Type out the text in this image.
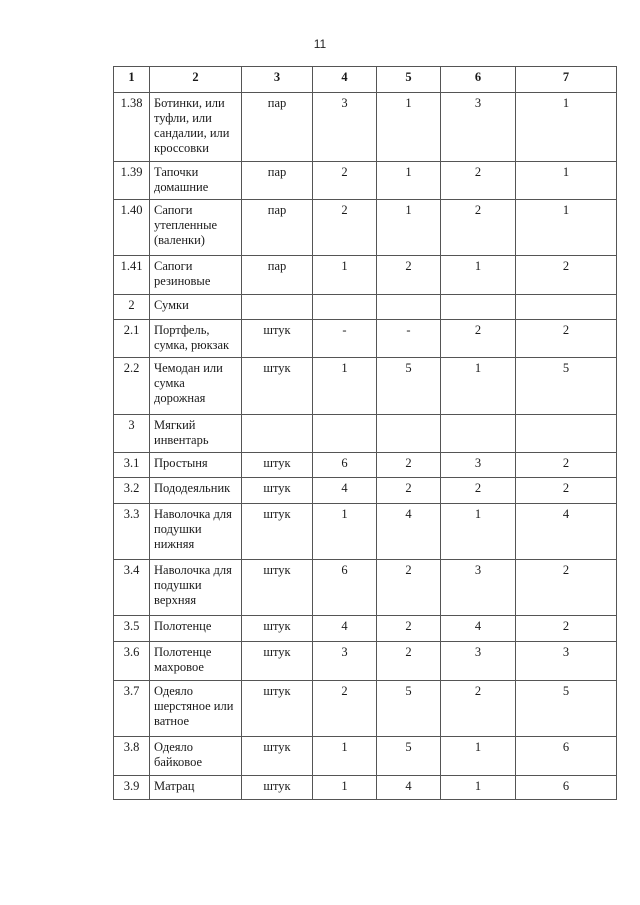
11
1	2	3	4	5	6	7
1.38	Ботинки, или туфли, или сандалии, или кроссовки	пар	3	1	3	1
1.39	Тапочки домашние	пар	2	1	2	1
1.40	Сапоги утепленные (валенки)	пар	2	1	2	1
1.41	Сапоги резиновые	пар	1	2	1	2
2	Сумки					
2.1	Портфель, сумка, рюкзак	штук	-	-	2	2
2.2	Чемодан или сумка дорожная	штук	1	5	1	5
3	Мягкий инвентарь					
3.1	Простыня	штук	6	2	3	2
3.2	Пододеяльник	штук	4	2	2	2
3.3	Наволочка для подушки нижняя	штук	1	4	1	4
3.4	Наволочка для подушки верхняя	штук	6	2	3	2
3.5	Полотенце	штук	4	2	4	2
3.6	Полотенце махровое	штук	3	2	3	3
3.7	Одеяло шерстяное или ватное	штук	2	5	2	5
3.8	Одеяло байковое	штук	1	5	1	6
3.9	Матрац	штук	1	4	1	6
